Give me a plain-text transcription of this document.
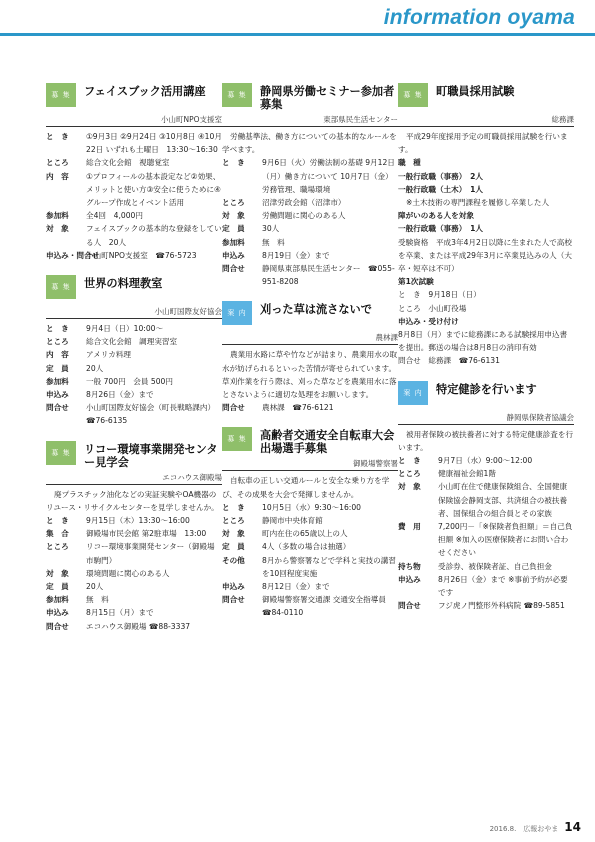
information oyama
募 集	フェイスブック活用講座
小山町NPO支援室
と　き	①9月3日 ②9月24日 ③10月8日 ④10月22日 いずれも土曜日　13:30～16:30
ところ	総合文化会館　視聴覚室
内　容	①プロフィールの基本設定など②効果、メリットと使い方③安全に使うために④グループ作成とイベント活用
参加料	全4回　4,000円
対　象	フェイスブックの基本的な登録をしている人　20人
申込み・問合せ
小山町NPO支援室　☎76-5723
募 集	世界の料理教室
小山町国際友好協会
と　き	9月4日（日）10:00～
ところ	総合文化会館　調理実習室
内　容	アメリカ料理
定　員	20人
参加料	一般 700円　会員 500円
申込み	8月26日（金）まで
問合せ	小山町国際友好協会（町長戦略課内）☎76-6135
募 集	リコー環境事業開発センター見学会
エコハウス御殿場
廃プラスチック油化などの実証実験やOA機器のリユース・リサイクルセンターを見学しませんか。
と　き	9月15日（木）13:30～16:00
集　合	御殿場市民会館 第2駐車場　13:00
ところ	リコー環境事業開発センター（御殿場市駒門）
対　象	環境問題に関心のある人
定　員	20人
参加料	無　料
申込み	8月15日（月）まで
問合せ	エコハウス御殿場 ☎88-3337
募 集	静岡県労働セミナー参加者募集
東部県民生活センター
労働基準法、働き方についての基本的なルールを学べます。
と　き	9月6日（火）労働法制の基礎 9月12日（月）働き方について 10月7日（金）労務管理、職場環境
ところ	沼津労政会館（沼津市）
対　象	労働問題に関心のある人
定　員	30人
参加料	無　料
申込み	8月19日（金）まで
問合せ	静岡県東部県民生活センター　☎055-951-8208
案 内	刈った草は流さないで
農林課
農業用水路に草や竹などが詰まり、農業用水の取水が妨げられるといった苦情が寄せられています。草刈作業を行う際は、刈った草などを農業用水に落とさないように適切な処理をお願いします。
問合せ	農林課　☎76-6121
募 集	高齢者交通安全自転車大会出場選手募集
御殿場警察署
自転車の正しい交通ルールと安全な乗り方を学び、その成果を大会で発揮しませんか。
と　き	10月5日（水）9:30～16:00
ところ	静岡市中央体育館
対　象	町内在住の65歳以上の人
定　員	4人（多数の場合は抽選）
その他	8月から警察署などで学科と実技の講習を10回程度実施
申込み	8月12日（金）まで
問合せ	御殿場警察署交通課 交通安全指導員 ☎84-0110
募 集	町職員採用試験
総務課
平成29年度採用予定の町職員採用試験を行います。
職　種
一般行政職（事務）　2人
一般行政職（土木）　1人
※土木技術の専門課程を履修し卒業した人
障がいのある人を対象
一般行政職（事務）　1人
受験資格　平成3年4月2日以降に生まれた人で高校を卒業、または平成29年3月に卒業見込みの人（大卒・短卒は不可）
第1次試験
と　き　9月18日（日）
ところ　小山町役場
申込み・受け付け
8月8日（月）までに総務課にある試験採用申込書を提出。郵送の場合は8月8日の消印有効
問合せ　総務課　☎76-6131
案 内	特定健診を行います
静岡県保険者協議会
被用者保険の被扶養者に対する特定健康診査を行います。
と　き	9月7日（水）9:00～12:00
ところ	健康福祉会館1階
対　象	小山町在住で健康保険組合、全国健康保険協会静岡支部、共済組合の被扶養者、国保組合の組合員とその家族
費　用	7,200円－「※保険者負担額」＝自己負担額 ※加入の医療保険者にお問い合わせください
持ち物	受診券、被保険者証、自己負担金
申込み	8月26日（金）まで ※事前予約が必要です
問合せ	フジ虎ノ門整形外科病院 ☎89-5851
2016.8.　広報おやま 14
